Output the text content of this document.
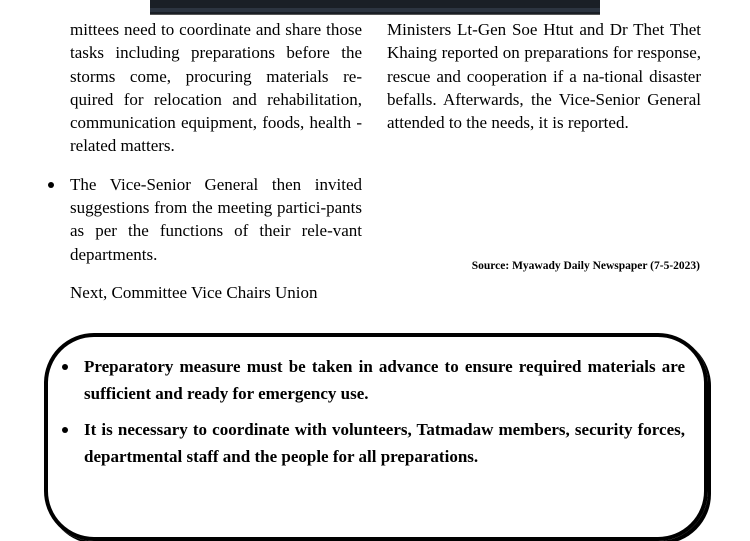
mittees need to coordinate and share those tasks including preparations before the storms come, procuring materials re-quired for relocation and rehabilitation, communication equipment, foods, health -related matters.

The Vice-Senior General then invited suggestions from the meeting partici-pants as per the functions of their rele-vant departments.

Next, Committee Vice Chairs Union

Ministers Lt-Gen Soe Htut and Dr Thet Thet Khaing reported on preparations for response, rescue and cooperation if a na-tional disaster befalls. Afterwards, the Vice-Senior General attended to the needs, it is reported.

Source: Myawady Daily Newspaper (7-5-2023)
Preparatory measure must be taken in advance to ensure required materials are sufficient and ready for emergency use.
It is necessary to coordinate with volunteers, Tatmadaw members, security forces, departmental staff and the people for all preparations.
